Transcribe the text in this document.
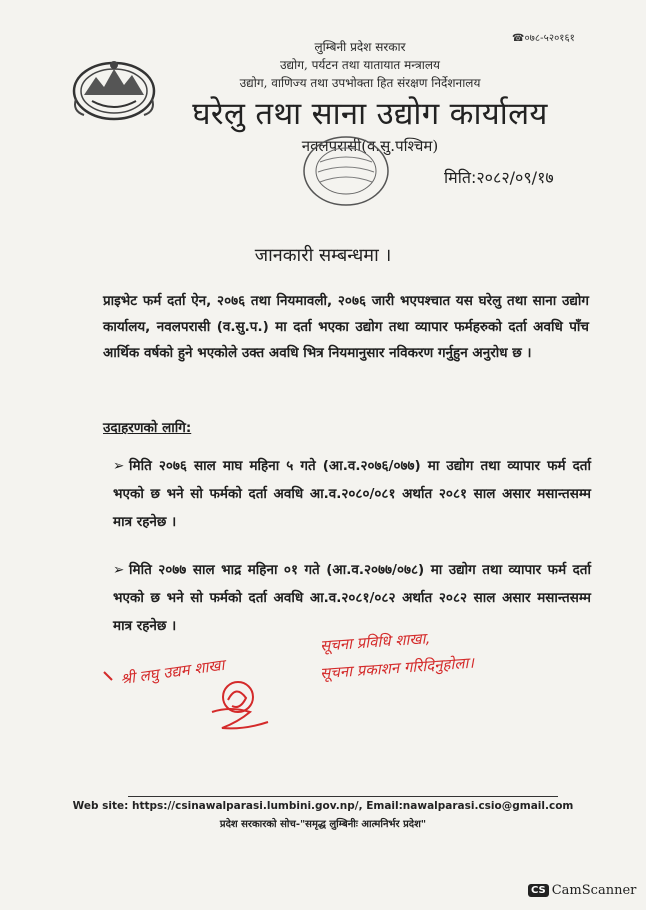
लुम्बिनी प्रदेश सरकार
उद्योग, पर्यटन तथा यातायात मन्त्रालय
उद्योग, वाणिज्य तथा उपभोक्ता हित संरक्षण निर्देशनालय
☎०७८-५२०१६१
घरेलु तथा साना उद्योग कार्यालय
नवलपरासी(व.सु.पश्चिम)
मिति:२०८२/०९/१७
जानकारी सम्बन्धमा ।
प्राइभेट फर्म दर्ता ऐन, २०७६ तथा नियमावली, २०७६ जारी भएपश्चात यस घरेलु तथा साना उद्योग कार्यालय, नवलपरासी (व.सु.प.) मा दर्ता भएका उद्योग तथा व्यापार फर्महरुको दर्ता अवधि पाँच आर्थिक वर्षको हुने भएकोले उक्त अवधि भित्र नियमानुसार नविकरण गर्नुहुन अनुरोध छ ।
उदाहरणको लागि:
➢ मिति २०७६ साल माघ महिना ५ गते (आ.व.२०७६/०७७) मा उद्योग तथा व्यापार फर्म दर्ता भएको छ भने सो फर्मको दर्ता अवधि आ.व.२०८०/०८१ अर्थात २०८१ साल असार मसान्तसम्म मात्र रहनेछ ।
➢ मिति २०७७ साल भाद्र महिना ०१ गते (आ.व.२०७७/०७८) मा उद्योग तथा व्यापार फर्म दर्ता भएको छ भने सो फर्मको दर्ता अवधि आ.व.२०८१/०८२ अर्थात २०८२ साल असार मसान्तसम्म मात्र रहनेछ ।
श्री लघु उद्यम शाखा
सूचना प्रविधि शाखा,
सूचना प्रकाशन गरिदिनुहोला।
Web site: https://csinawalparasi.lumbini.gov.np/, Email:nawalparasi.csio@gmail.com
प्रदेश सरकारको सोच-"समृद्ध लुम्बिनीः आत्मनिर्भर प्रदेश"
CS CamScanner
